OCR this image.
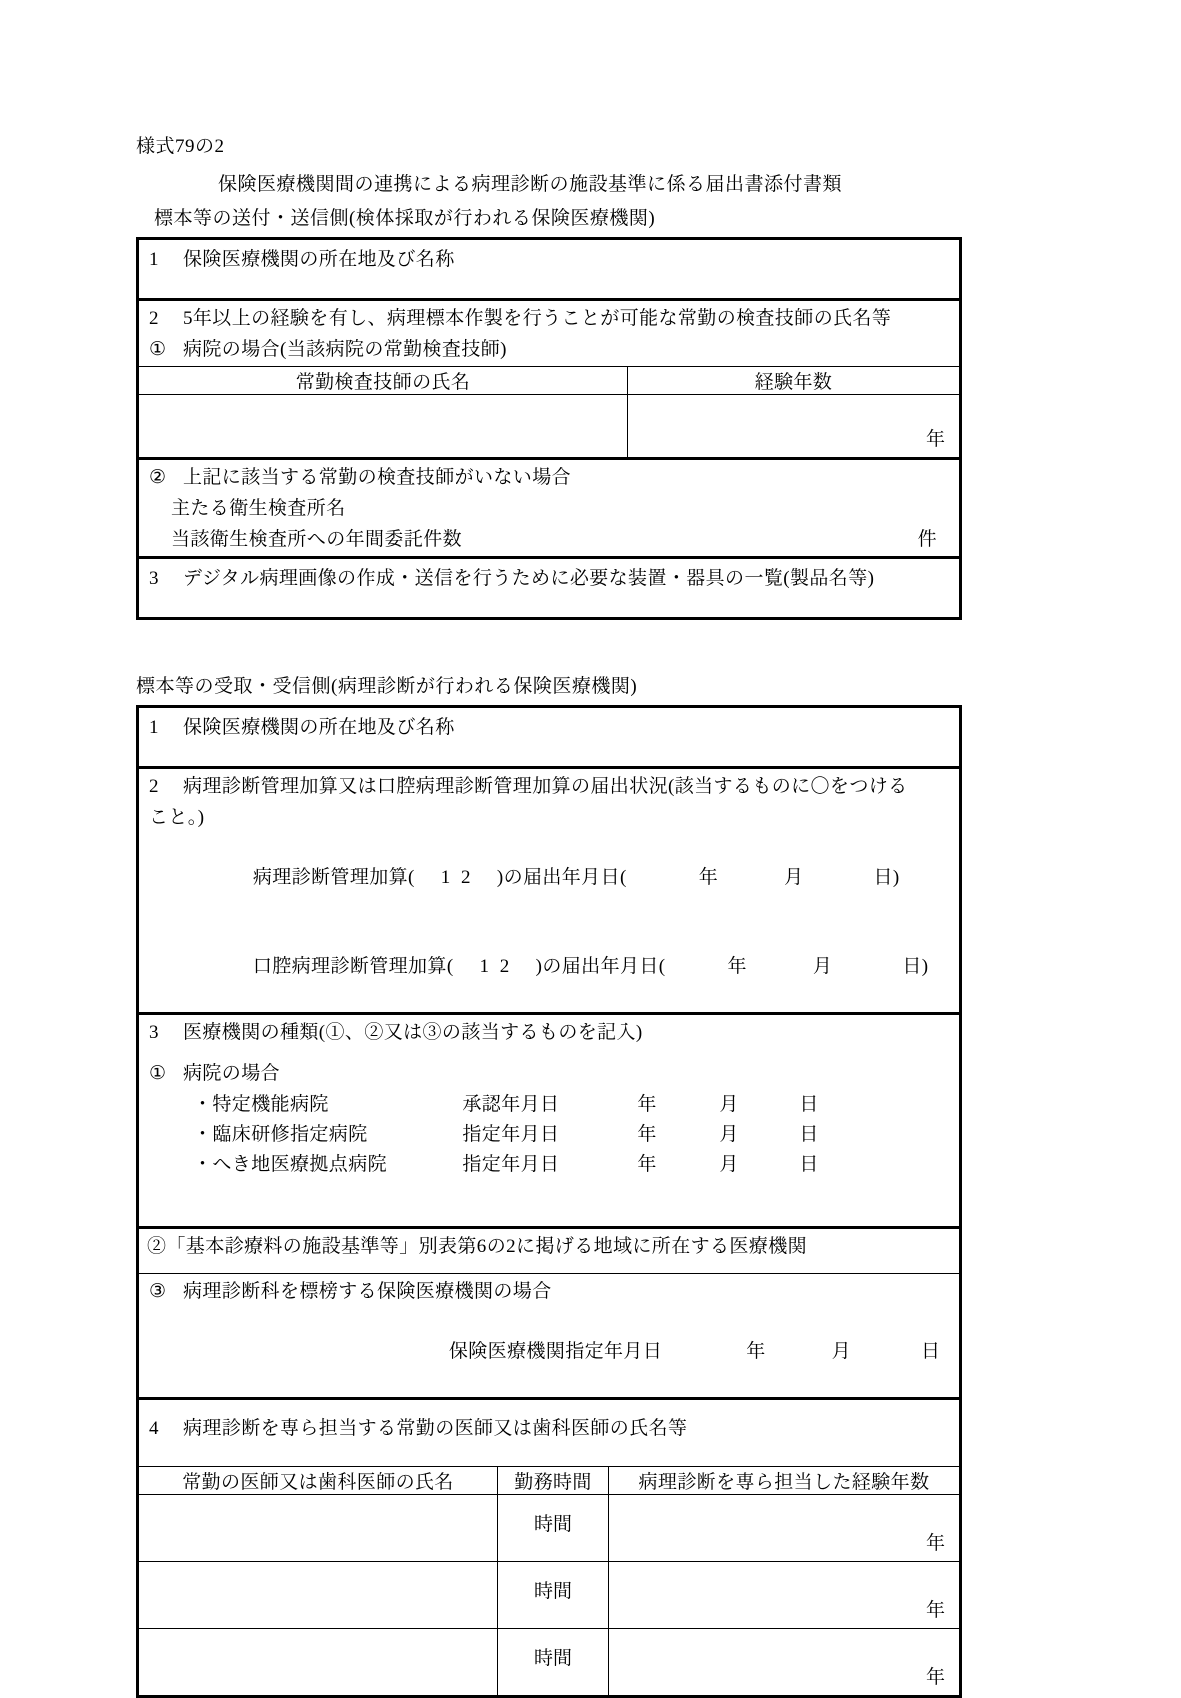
様式79の2
保険医療機関間の連携による病理診断の施設基準に係る届出書添付書類
標本等の送付・送信側(検体採取が行われる保険医療機関)
1 保険医療機関の所在地及び名称	

2 5年以上の経験を有し、病理標本作製を行うことが可能な常勤の検査技師の氏名等
① 病院の場合(当該病院の常勤検査技師)	

常勤検査技師の氏名	経験年数

	年

② 上記に該当する常勤の検査技師がいない場合
主たる衛生検査所名
当該衛生検査所への年間委託件数 件	

3 デジタル病理画像の作成・送信を行うために必要な装置・器具の一覧(製品名等)	
標本等の受取・受信側(病理診断が行われる保険医療機関)
1 保険医療機関の所在地及び名称		

2 病理診断管理加算又は口腔病理診断管理加算の届出状況(該当するものに〇をつける
こと。)

病理診断管理加算( 1  2 )の届出年月日( 年 月 日)

口腔病理診断管理加算( 1  2 )の届出年月日( 年 月 日)		

3 医療機関の種類(①、②又は③の該当するものを記入)
① 病院の場合
・特定機能病院 承認年月日 年 月 日
・臨床研修指定病院 指定年月日 年 月 日
・へき地医療拠点病院 指定年月日 年 月 日		

②「基本診療料の施設基準等」別表第6の2に掲げる地域に所在する医療機関		

③ 病理診断科を標榜する保険医療機関の場合

保険医療機関指定年月日 年 月 日		

4 病理診断を専ら担当する常勤の医師又は歯科医師の氏名等		

常勤の医師又は歯科医師の氏名	勤務時間	病理診断を専ら担当した経験年数

	時間	年

	時間	年

	時間	年
